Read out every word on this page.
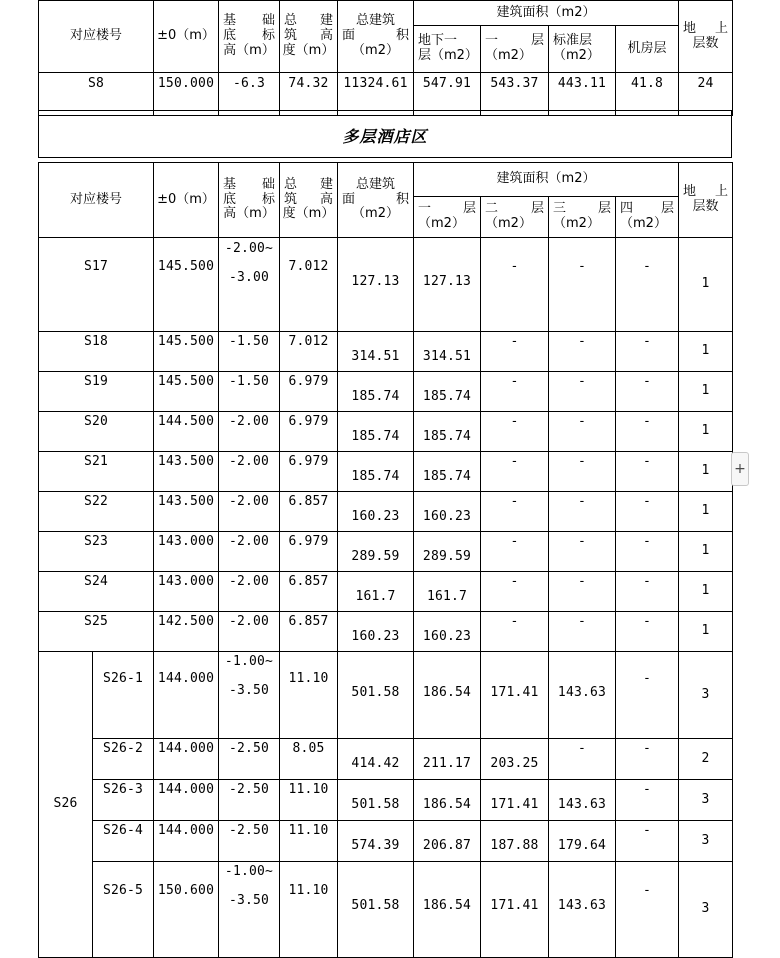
对应楼号	±0（m）	基 础
底 标
高（m）	总 建
筑 高
度（m）	总建筑
面 积
（m2）	建筑面积（m2）				地 上
层数

					地下一
层（m2）	一 层
（m2）	标准层
（m2）	机房层	

S8	150.000	-6.3	74.32	11324.61	547.91	543.37	443.11	41.8	24
多层酒店区
对应楼号		±0（m）	基 础
底 标
高（m）	总 建
筑 高
度（m）	总建筑
面 积
（m2）	建筑面积（m2）				地 上
层数

						一 层
（m2）	二 层
（m2）	三 层
（m2）	四 层
（m2）	

S17		145.500	-2.00~
-3.00	7.012	127.13	127.13	-	-	-	1
S18		145.500	-1.50	7.012	314.51	314.51	-	-	-	1
S19		145.500	-1.50	6.979	185.74	185.74	-	-	-	1
S20		144.500	-2.00	6.979	185.74	185.74	-	-	-	1
S21		143.500	-2.00	6.979	185.74	185.74	-	-	-	1
S22		143.500	-2.00	6.857	160.23	160.23	-	-	-	1
S23		143.000	-2.00	6.979	289.59	289.59	-	-	-	1
S24		143.000	-2.00	6.857	161.7	161.7	-	-	-	1
S25		142.500	-2.00	6.857	160.23	160.23	-	-	-	1
S26	S26-1	144.000	-1.00~
-3.50	11.10	501.58	186.54	171.41	143.63	-	3
	S26-2	144.000	-2.50	8.05	414.42	211.17	203.25	-	-	2
	S26-3	144.000	-2.50	11.10	501.58	186.54	171.41	143.63	-	3
	S26-4	144.000	-2.50	11.10	574.39	206.87	187.88	179.64	-	3
	S26-5	150.600	-1.00~
-3.50	11.10	501.58	186.54	171.41	143.63	-	3
+
